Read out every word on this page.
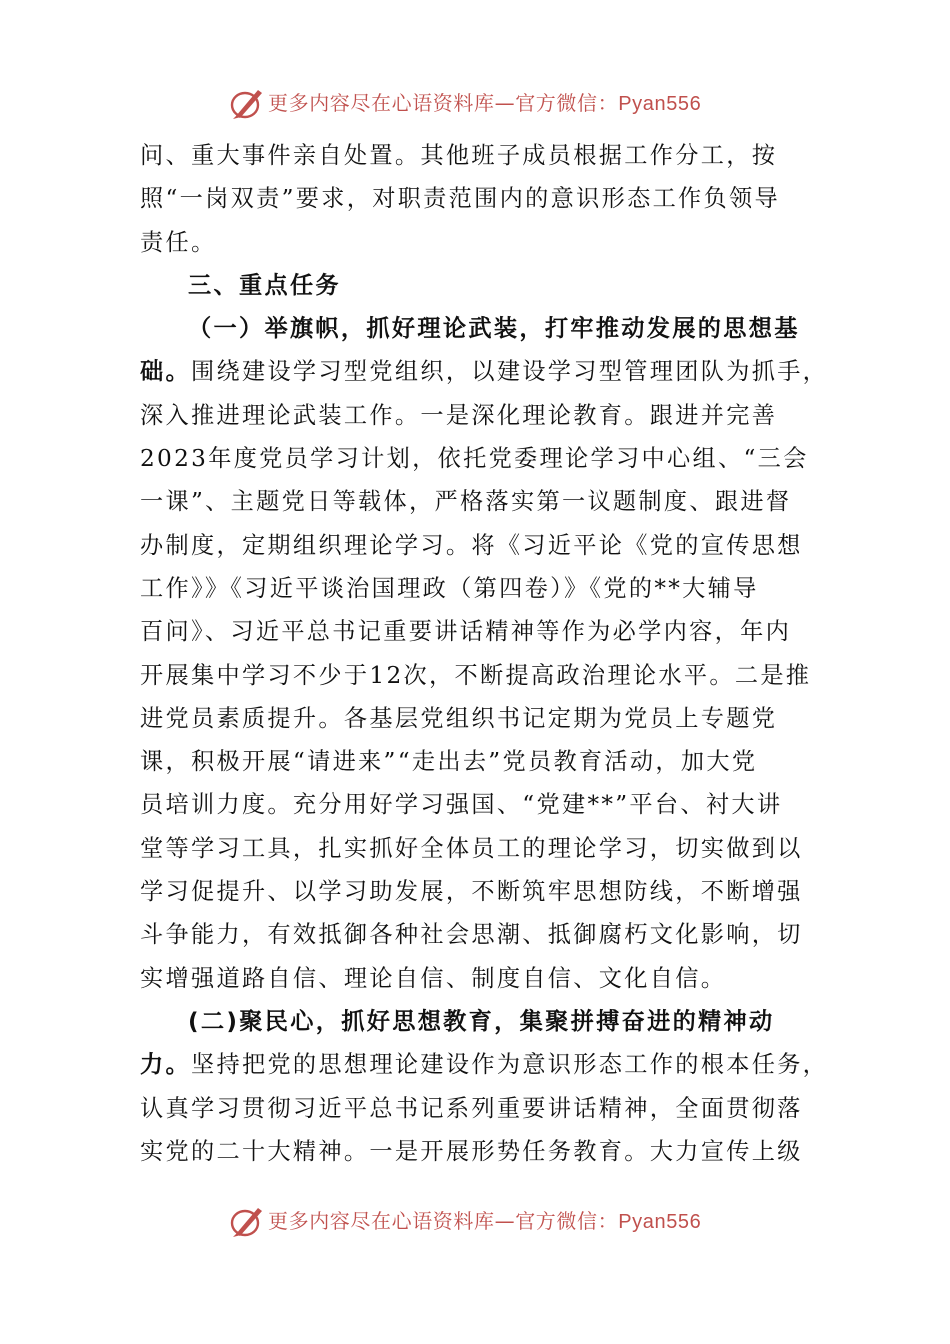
更多内容尽在心语资料库—官方微信：Pyan556
问、重大事件亲自处置。其他班子成员根据工作分工，按
照“一岗双责”要求，对职责范围内的意识形态工作负领导
责任。
三、重点任务
（一）举旗帜，抓好理论武装，打牢推动发展的思想基
础。围绕建设学习型党组织，以建设学习型管理团队为抓手，
深入推进理论武装工作。一是深化理论教育。跟进并完善
2023年度党员学习计划，依托党委理论学习中心组、“三会
一课”、主题党日等载体，严格落实第一议题制度、跟进督
办制度，定期组织理论学习。将《习近平论《党的宣传思想
工作》》《习近平谈治国理政（第四卷）》《党的**大辅导
百问》、习近平总书记重要讲话精神等作为必学内容，年内
开展集中学习不少于12次，不断提高政治理论水平。二是推
进党员素质提升。各基层党组织书记定期为党员上专题党
课，积极开展“请进来”“走出去”党员教育活动，加大党
员培训力度。充分用好学习强国、“党建**”平台、衬大讲
堂等学习工具，扎实抓好全体员工的理论学习，切实做到以
学习促提升、以学习助发展，不断筑牢思想防线，不断增强
斗争能力，有效抵御各种社会思潮、抵御腐朽文化影响，切
实增强道路自信、理论自信、制度自信、文化自信。
(二)聚民心，抓好思想教育，集聚拼搏奋进的精神动
力。坚持把党的思想理论建设作为意识形态工作的根本任务，
认真学习贯彻习近平总书记系列重要讲话精神，全面贯彻落
实党的二十大精神。一是开展形势任务教育。大力宣传上级
更多内容尽在心语资料库—官方微信：Pyan556
